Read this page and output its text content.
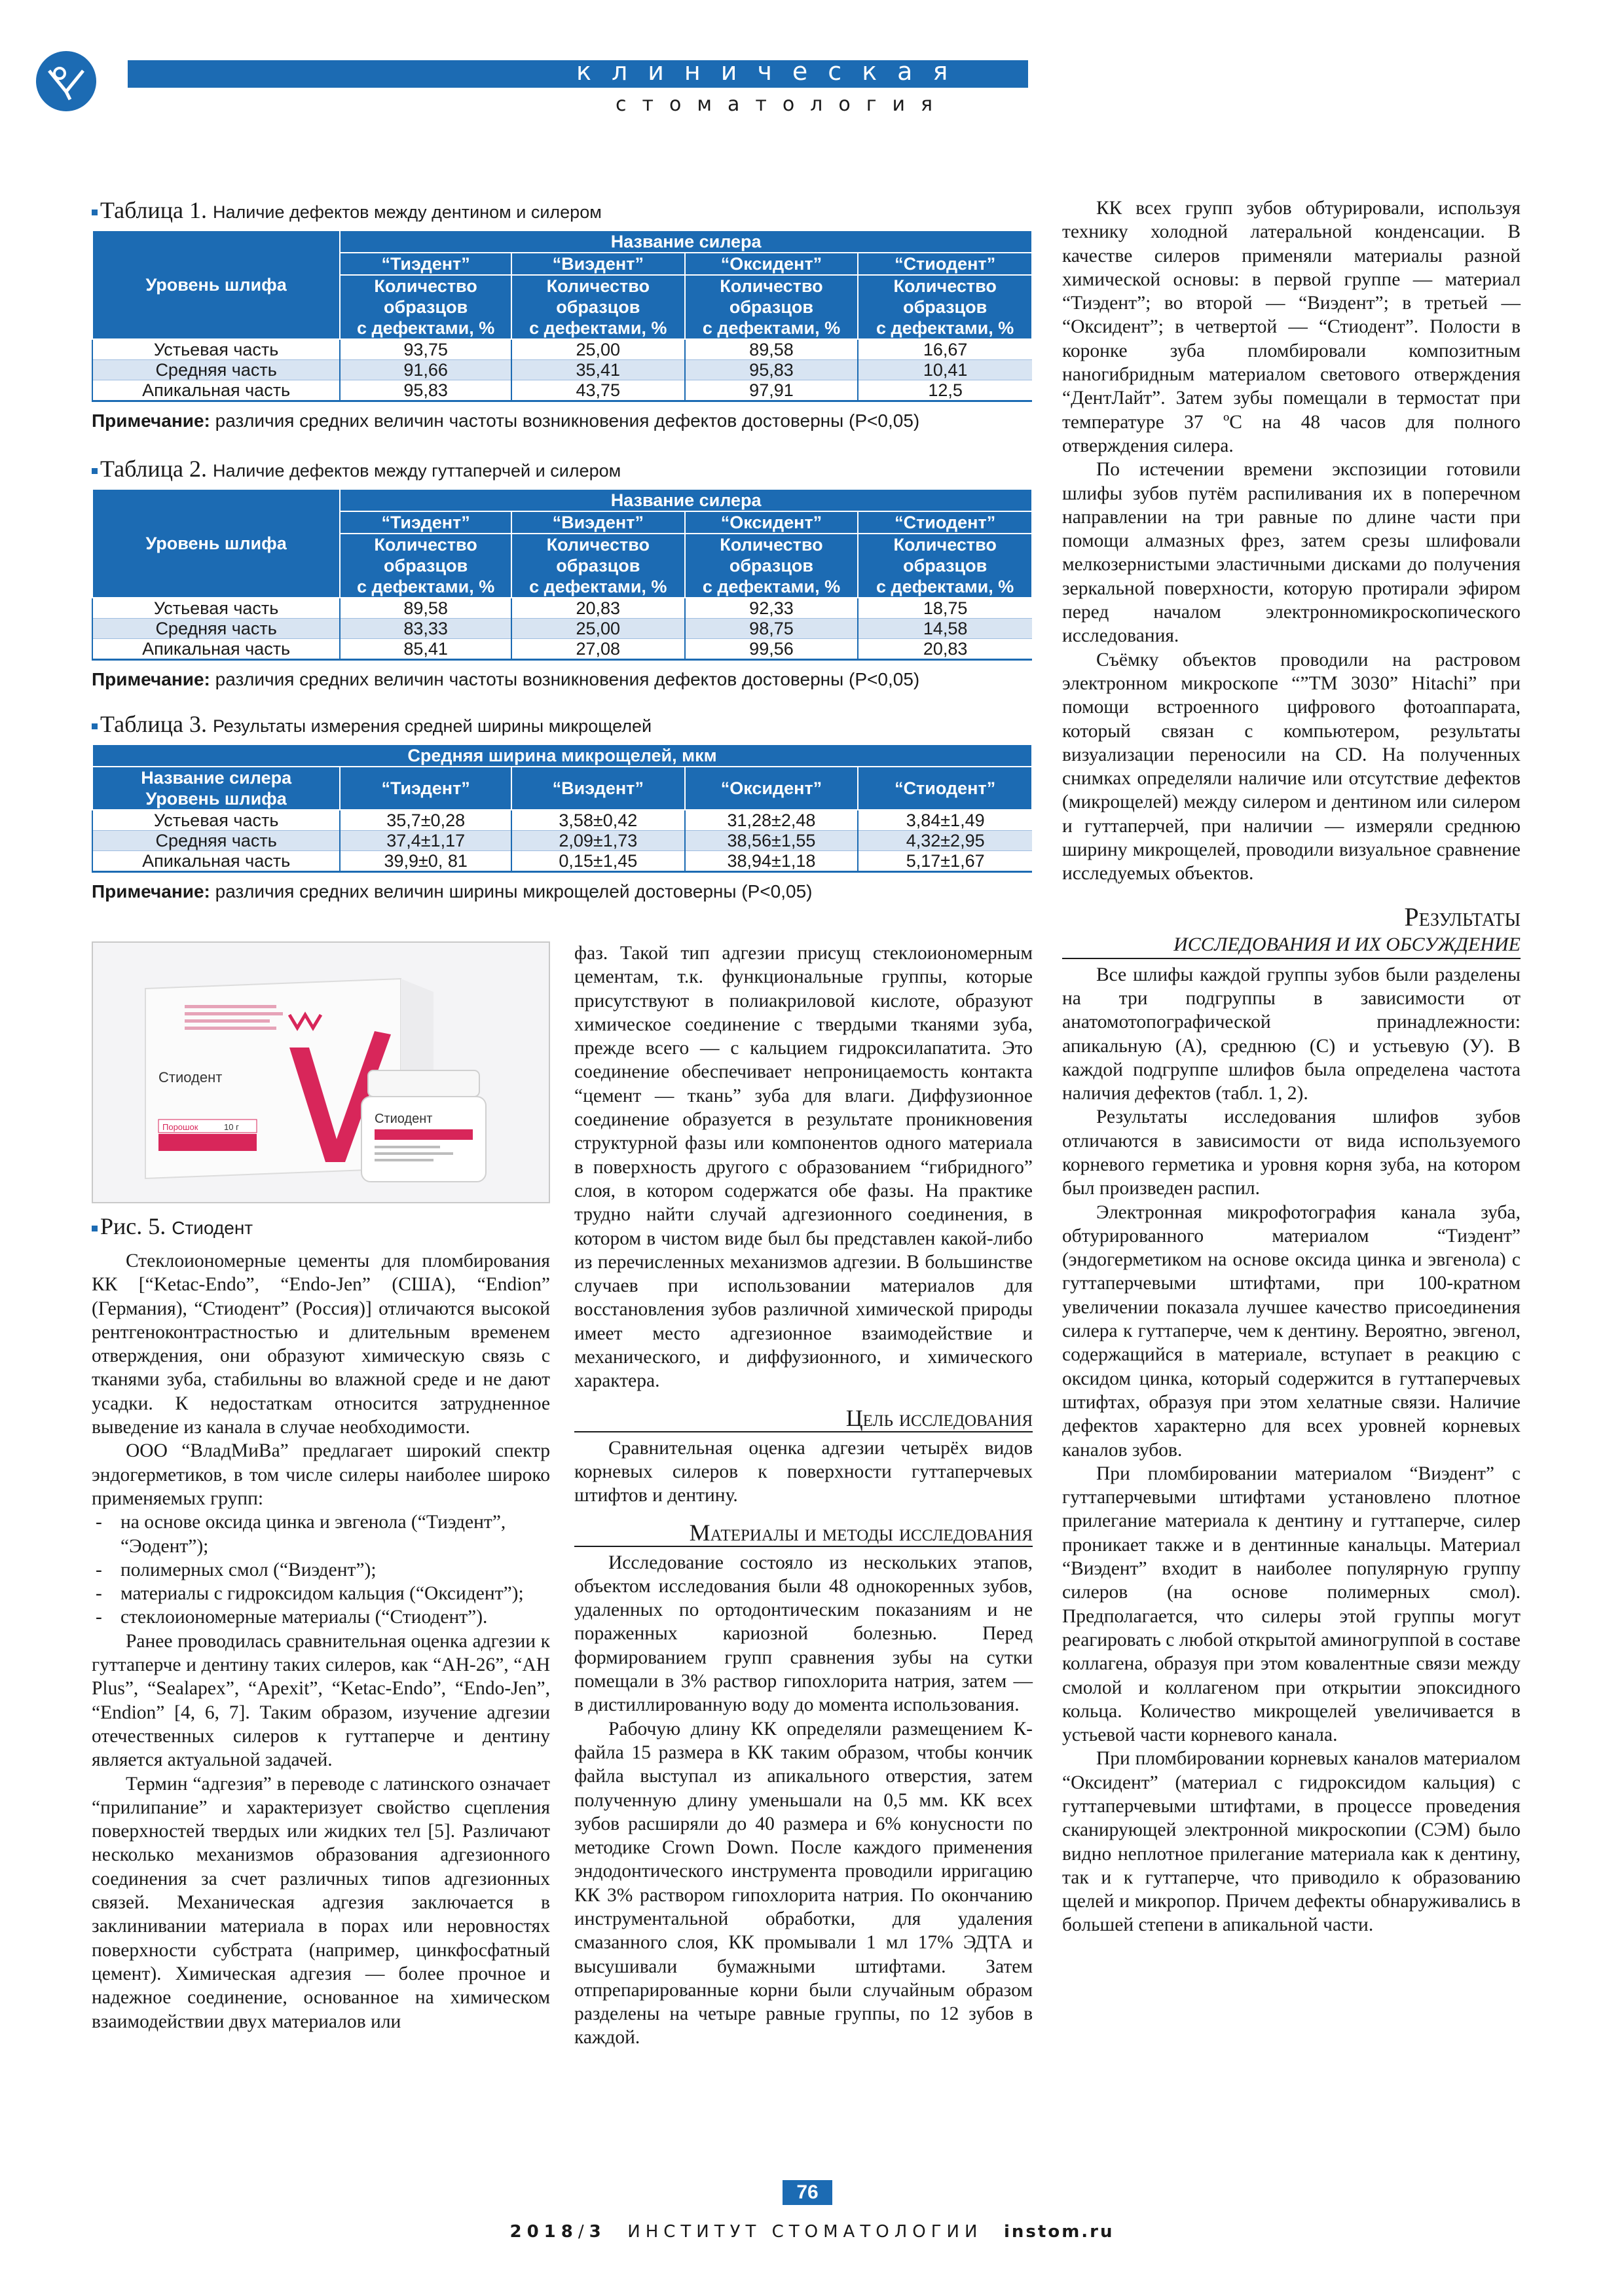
клиническая
стоматология
Таблица 1. Наличие дефектов между дентином и силером
Уровень шлифа	Название силера			
	“Тиэдент”	“Виэдент”	“Оксидент”	“Стиодент”
	Количество
образцов
с дефектами, %	Количество
образцов
с дефектами, %	Количество
образцов
с дефектами, %	Количество
образцов
с дефектами, %
Устьевая часть	93,75	25,00	89,58	16,67
Средняя часть	91,66	35,41	95,83	10,41
Апикальная часть	95,83	43,75	97,91	12,5
Примечание: различия средних величин частоты возникновения дефектов достоверны (P<0,05)
Таблица 2. Наличие дефектов между гуттаперчей и силером
Уровень шлифа	Название силера			
	“Тиэдент”	“Виэдент”	“Оксидент”	“Стиодент”
	Количество
образцов
с дефектами, %	Количество
образцов
с дефектами, %	Количество
образцов
с дефектами, %	Количество
образцов
с дефектами, %
Устьевая часть	89,58	20,83	92,33	18,75
Средняя часть	83,33	25,00	98,75	14,58
Апикальная часть	85,41	27,08	99,56	20,83
Примечание: различия средних величин частоты возникновения дефектов достоверны (P<0,05)
Таблица 3. Результаты измерения средней ширины микрощелей
Средняя ширина микрощелей, мкм				
Название силера
Уровень шлифа	“Тиэдент”	“Виэдент”	“Оксидент”	“Стиодент”
Устьевая часть	35,7±0,28	3,58±0,42	31,28±2,48	3,84±1,49
Средняя часть	37,4±1,17	2,09±1,73	38,56±1,55	4,32±2,95
Апикальная часть	39,9±0, 81	0,15±1,45	38,94±1,18	5,17±1,67
Примечание: различия средних величин ширины микрощелей достоверны (P<0,05)
Стиодент
Порошок	10 г
Стиодент
Рис. 5. Стиодент

Стеклоиономерные цементы для пломбирования КК [“Ketac-Endo”, “Endo-Jen” (США), “Endion” (Германия), “Стиодент” (Россия)] отличаются высокой рентгеноконтрастностью и длительным временем отверждения, они образуют химическую связь с тканями зуба, стабильны во влажной среде и не дают усадки. К недостаткам относится затрудненное выведение из канала в случае необходимости.

ООО “ВладМиВа” предлагает широкий спектр эндогерметиков, в том числе силеры наиболее широко применяемых групп:

- на основе оксида цинка и эвгенола (“Тиэдент”, “Эодент”);
- полимерных смол (“Виэдент”);
- материалы с гидроксидом кальция (“Оксидент”);
- стеклоиономерные материалы (“Стиодент”).

Ранее проводилась сравнительная оценка адгезии к гуттаперче и дентину таких силеров, как “AH-26”, “AH Plus”, “Sealapex”, “Apexit”, “Ketac-Endo”, “Endo-Jen”, “Endion” [4, 6, 7]. Таким образом, изучение адгезии отечественных силеров к гуттаперче и дентину является актуальной задачей.

Термин “адгезия” в переводе с латинского означает “прилипание” и характеризует свойство сцепления поверхностей твердых или жидких тел [5]. Различают несколько механизмов образования адгезионного соединения за счет различных типов адгезионных связей. Механическая адгезия заключается в заклинивании материала в порах или неровностях поверхности субстрата (например, цинкфосфатный цемент). Химическая адгезия — более прочное и надежное соединение, основанное на химическом взаимодействии двух материалов или

фаз. Такой тип адгезии присущ стеклоиономерным цементам, т.к. функциональные группы, которые присутствуют в полиакриловой кислоте, образуют химическое соединение с твердыми тканями зуба, прежде всего — с кальцием гидроксилапатита. Это соединение обеспечивает непроницаемость контакта “цемент — ткань” зуба для влаги. Диффузионное соединение образуется в результате проникновения структурной фазы или компонентов одного материала в поверхность другого с образованием “гибридного” слоя, в котором содержатся обе фазы. На практике трудно найти случай адгезионного соединения, в котором в чистом виде был бы представлен какой-либо из перечисленных механизмов адгезии. В большинстве случаев при использовании материалов для восстановления зубов различной химической природы имеет место адгезионное взаимодействие и механического, и диффузионного, и химического характера.

Цель исследования

Сравнительная оценка адгезии четырёх видов корневых силеров к поверхности гуттаперчевых штифтов и дентину.

Материалы и методы исследования

Исследование состояло из нескольких этапов, объектом исследования были 48 однокоренных зубов, удаленных по ортодонтическим показаниям и не пораженных кариозной болезнью. Перед формированием групп сравнения зубы на сутки помещали в 3% раствор гипохлорита натрия, затем — в дистиллированную воду до момента использования.

Рабочую длину КК определяли размещением К-файла 15 размера в КК таким образом, чтобы кончик файла выступал из апикального отверстия, затем полученную длину уменьшали на 0,5 мм. КК всех зубов расширяли до 40 размера и 6% конусности по методике Crown Down. После каждого применения эндодонтического инструмента проводили ирригацию КК 3% раствором гипохлорита натрия. По окончанию инструментальной обработки, для удаления смазанного слоя, КК промывали 1 мл 17% ЭДТА и высушивали бумажными штифтами. Затем отпрепарированные корни были случайным образом разделены на четыре равные группы, по 12 зубов в каждой.

КК всех групп зубов обтурировали, используя технику холодной латеральной конденсации. В качестве силеров применяли материалы разной химической основы: в первой группе — материал “Тиэдент”; во второй — “Виэдент”; в третьей — “Оксидент”; в четвертой — “Стиодент”. Полости в коронке зуба пломбировали композитным наногибридным материалом светового отверждения “ДентЛайт”. Затем зубы помещали в термостат при температуре 37 ºС на 48 часов для полного отверждения силера.

По истечении времени экспозиции готовили шлифы зубов путём распиливания их в поперечном направлении на три равные по длине части при помощи алмазных фрез, затем срезы шлифовали мелкозернистыми эластичными дисками до получения зеркальной поверхности, которую протирали эфиром перед началом электронномикроскопического исследования.

Съёмку объектов проводили на растровом электронном микроскопе “”TM 3030” Hitachi” при помощи встроенного цифрового фотоаппарата, который связан с компьютером, результаты визуализации переносили на CD. На полученных снимках определяли наличие или отсутствие дефектов (микрощелей) между силером и дентином или силером и гуттаперчей, при наличии — измеряли среднюю ширину микрощелей, проводили визуальное сравнение исследуемых объектов.

Результаты
ИССЛЕДОВАНИЯ И ИХ ОБСУЖДЕНИЕ

Все шлифы каждой группы зубов были разделены на три подгруппы в зависимости от анатомотопографической принадлежности: апикальную (А), среднюю (С) и устьевую (У). В каждой подгруппе шлифов была определена частота наличия дефектов (табл. 1, 2).

Результаты исследования шлифов зубов отличаются в зависимости от вида используемого корневого герметика и уровня корня зуба, на котором был произведен распил.

Электронная микрофотография канала зуба, обтурированного материалом “Тиэдент” (эндогерметиком на основе оксида цинка и эвгенола) с гуттаперчевыми штифтами, при 100-кратном увеличении показала лучшее качество присоединения силера к гуттаперче, чем к дентину. Вероятно, эвгенол, содержащийся в материале, вступает в реакцию с оксидом цинка, который содержится в гуттаперчевых штифтах, образуя при этом хелатные связи. Наличие дефектов характерно для всех уровней корневых каналов зубов.

При пломбировании материалом “Виэдент” с гуттаперчевыми штифтами установлено плотное прилегание материала к дентину и гуттаперче, силер проникает также и в дентинные канальцы. Материал “Виэдент” входит в наиболее популярную группу силеров (на основе полимерных смол). Предполагается, что силеры этой группы могут реагировать с любой открытой аминогруппой в составе коллагена, образуя при этом ковалентные связи между смолой и коллагеном при открытии эпоксидного кольца. Количество микрощелей увеличивается в устьевой части корневого канала.

При пломбировании корневых каналов материалом “Оксидент” (материал с гидроксидом кальция) с гуттаперчевыми штифтами, в процессе проведения сканирующей электронной микроскопии (СЭМ) было видно неплотное прилегание материала как к дентину, так и к гуттаперче, что приводило к образованию щелей и микропор. Причем дефекты обнаруживались в большей степени в апикальной части.

76
2018/3 ИНСТИТУТ СТОМАТОЛОГИИ instom.ru
